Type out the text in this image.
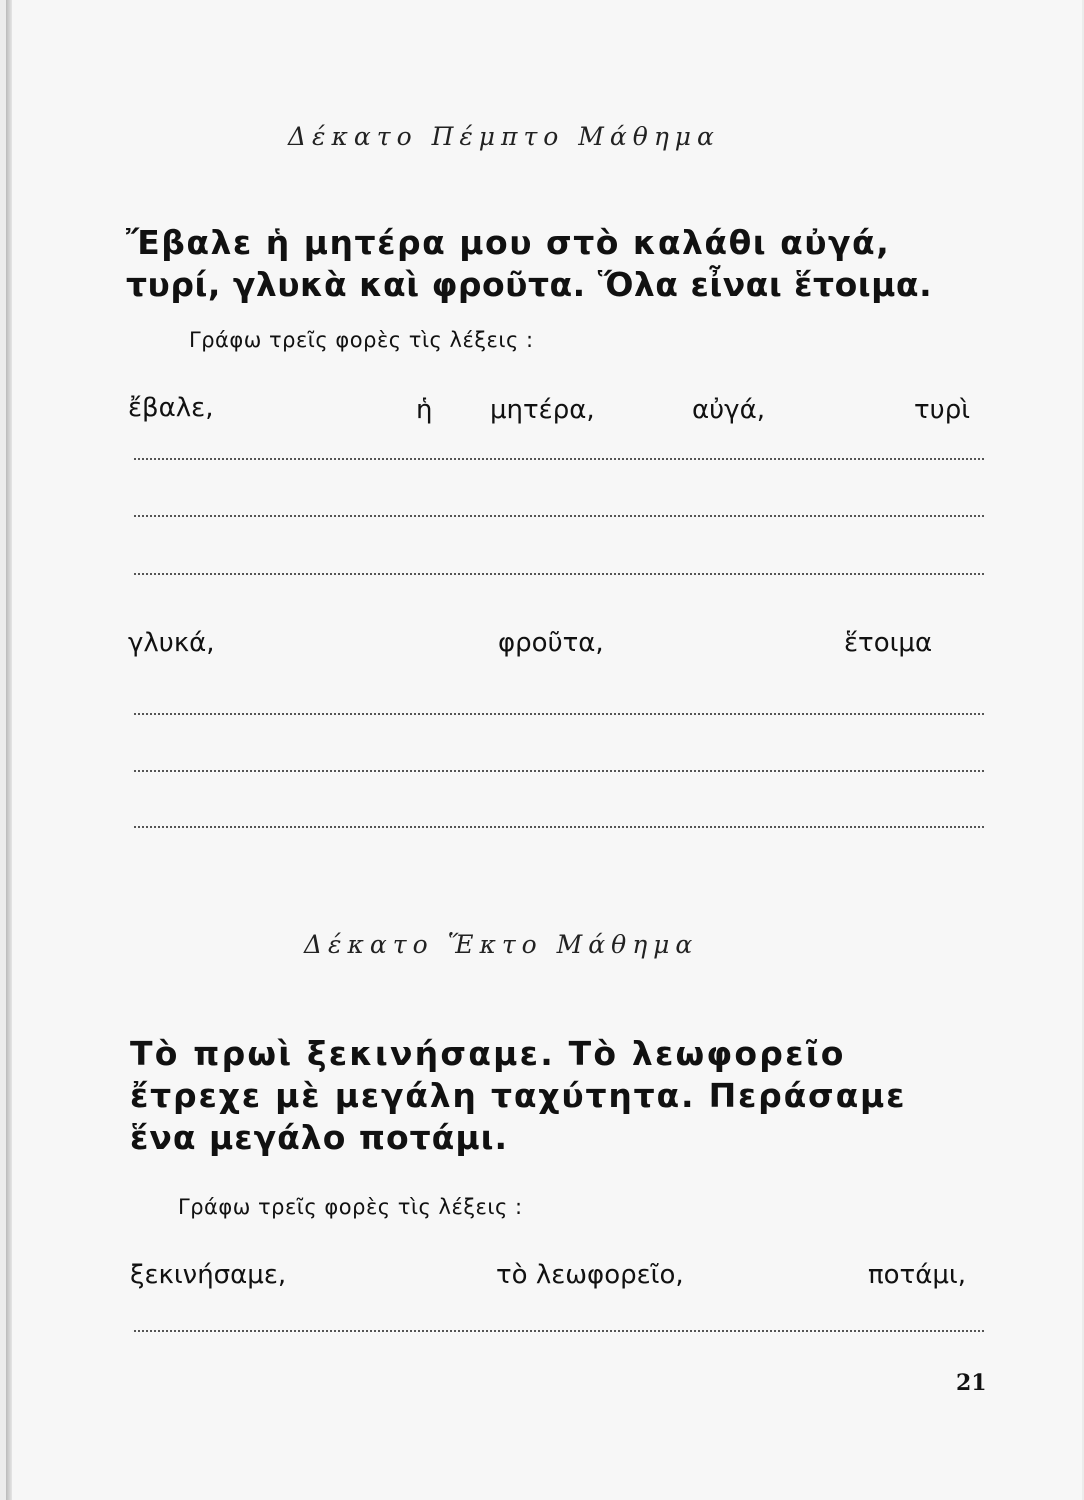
Δέκατο Πέμπτο Μάθημα
Ἔβαλε ἡ μητέρα μου στὸ καλάθι αὐγά,
τυρί, γλυκὰ καὶ φροῦτα. Ὅλα εἶναι ἕτοιμα.
Γράφω τρεῖς φορὲς τὶς λέξεις :
ἔβαλε,	ἡ μητέρα,	αὐγά,	τυρὶ
γλυκά,	φροῦτα,	ἕτοιμα
Δέκατο Ἕκτο Μάθημα
Τὸ πρωὶ ξεκινήσαμε. Τὸ λεωφορεῖο
ἔτρεχε μὲ μεγάλη ταχύτητα. Περάσαμε
ἕνα μεγάλο ποτάμι.
Γράφω τρεῖς φορὲς τὶς λέξεις :
ξεκινήσαμε,	τὸ λεωφορεῖο,	ποτάμι,
21
